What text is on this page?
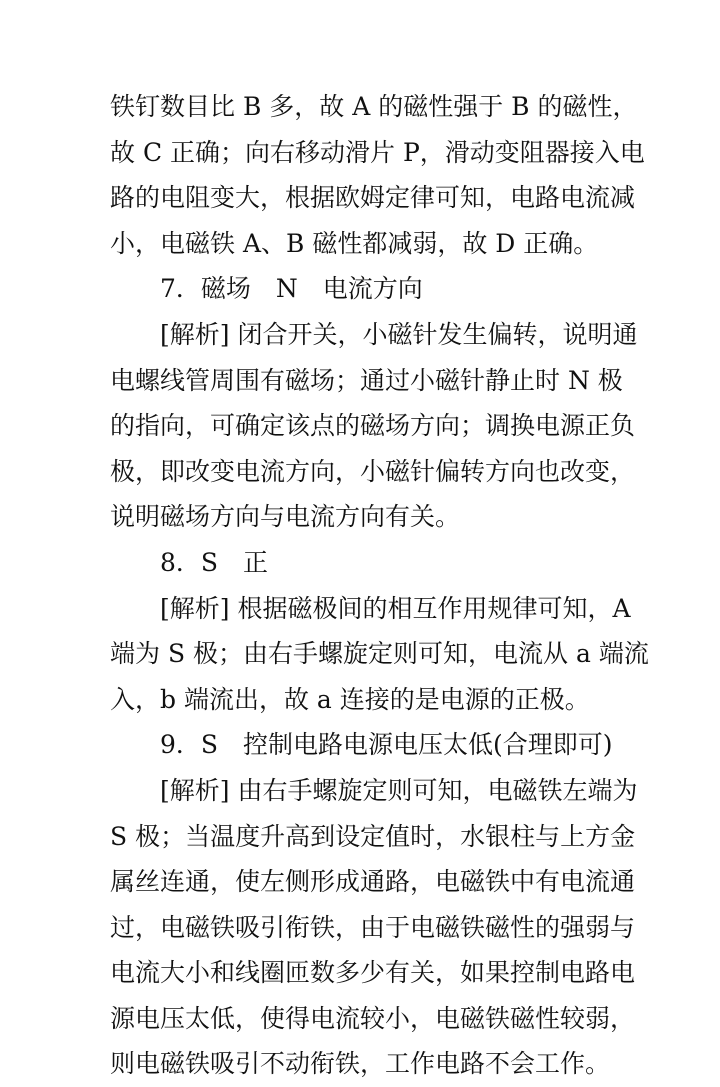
铁钉数目比 B 多，故 A 的磁性强于 B 的磁性，
故 C 正确；向右移动滑片 P，滑动变阻器接入电
路的电阻变大，根据欧姆定律可知，电路电流减
小，电磁铁 A、B 磁性都减弱，故 D 正确。
7．磁场　N　电流方向
[解析] 闭合开关，小磁针发生偏转，说明通
电螺线管周围有磁场；通过小磁针静止时 N 极
的指向，可确定该点的磁场方向；调换电源正负
极，即改变电流方向，小磁针偏转方向也改变，
说明磁场方向与电流方向有关。
8．S　正
[解析] 根据磁极间的相互作用规律可知，A
端为 S 极；由右手螺旋定则可知，电流从 a 端流
入，b 端流出，故 a 连接的是电源的正极。
9．S　控制电路电源电压太低(合理即可)
[解析] 由右手螺旋定则可知，电磁铁左端为
S 极；当温度升高到设定值时，水银柱与上方金
属丝连通，使左侧形成通路，电磁铁中有电流通
过，电磁铁吸引衔铁，由于电磁铁磁性的强弱与
电流大小和线圈匝数多少有关，如果控制电路电
源电压太低，使得电流较小，电磁铁磁性较弱，
则电磁铁吸引不动衔铁，工作电路不会工作。
